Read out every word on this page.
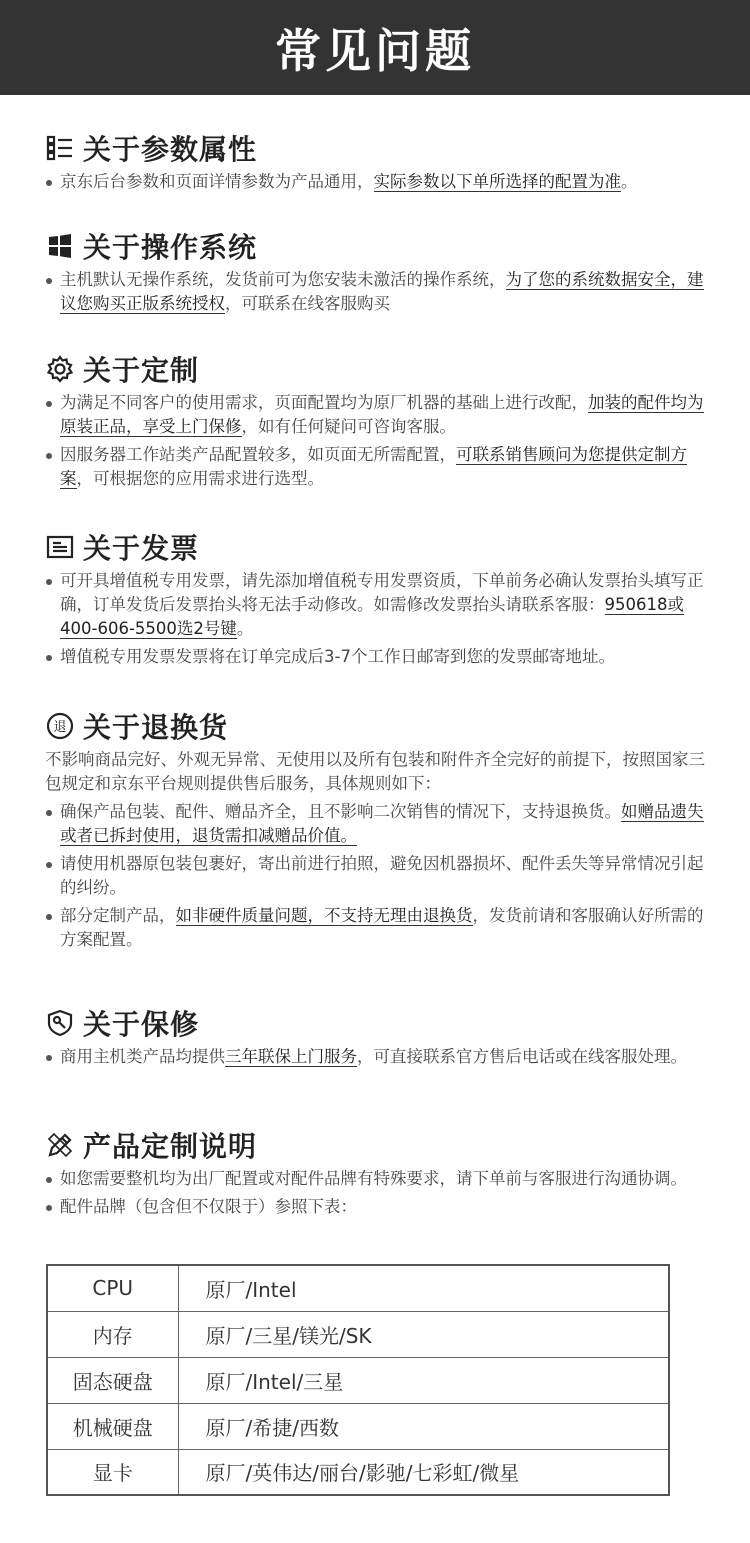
常见问题
关于参数属性
京东后台参数和页面详情参数为产品通用，实际参数以下单所选择的配置为准。
关于操作系统
主机默认无操作系统，发货前可为您安装未激活的操作系统，为了您的系统数据安全，建议您购买正版系统授权，可联系在线客服购买
关于定制
为满足不同客户的使用需求，页面配置均为原厂机器的基础上进行改配，加装的配件均为原装正品，享受上门保修，如有任何疑问可咨询客服。
因服务器工作站类产品配置较多，如页面无所需配置，可联系销售顾问为您提供定制方案，可根据您的应用需求进行选型。
关于发票
可开具增值税专用发票，请先添加增值税专用发票资质，下单前务必确认发票抬头填写正确，订单发货后发票抬头将无法手动修改。如需修改发票抬头请联系客服：950618或400-606-5500选2号键。
增值税专用发票发票将在订单完成后3-7个工作日邮寄到您的发票邮寄地址。
退 关于退换货
不影响商品完好、外观无异常、无使用以及所有包装和附件齐全完好的前提下，按照国家三包规定和京东平台规则提供售后服务，具体规则如下：
确保产品包装、配件、赠品齐全，且不影响二次销售的情况下，支持退换货。如赠品遗失或者已拆封使用，退货需扣减赠品价值。
请使用机器原包装包裹好，寄出前进行拍照，避免因机器损坏、配件丢失等异常情况引起的纠纷。
部分定制产品，如非硬件质量问题，不支持无理由退换货，发货前请和客服确认好所需的方案配置。
关于保修
商用主机类产品均提供三年联保上门服务，可直接联系官方售后电话或在线客服处理。
产品定制说明
如您需要整机均为出厂配置或对配件品牌有特殊要求，请下单前与客服进行沟通协调。
配件品牌（包含但不仅限于）参照下表：
CPU	原厂/Intel
内存	原厂/三星/镁光/SK
固态硬盘	原厂/Intel/三星
机械硬盘	原厂/希捷/西数
显卡	原厂/英伟达/丽台/影驰/七彩虹/微星
